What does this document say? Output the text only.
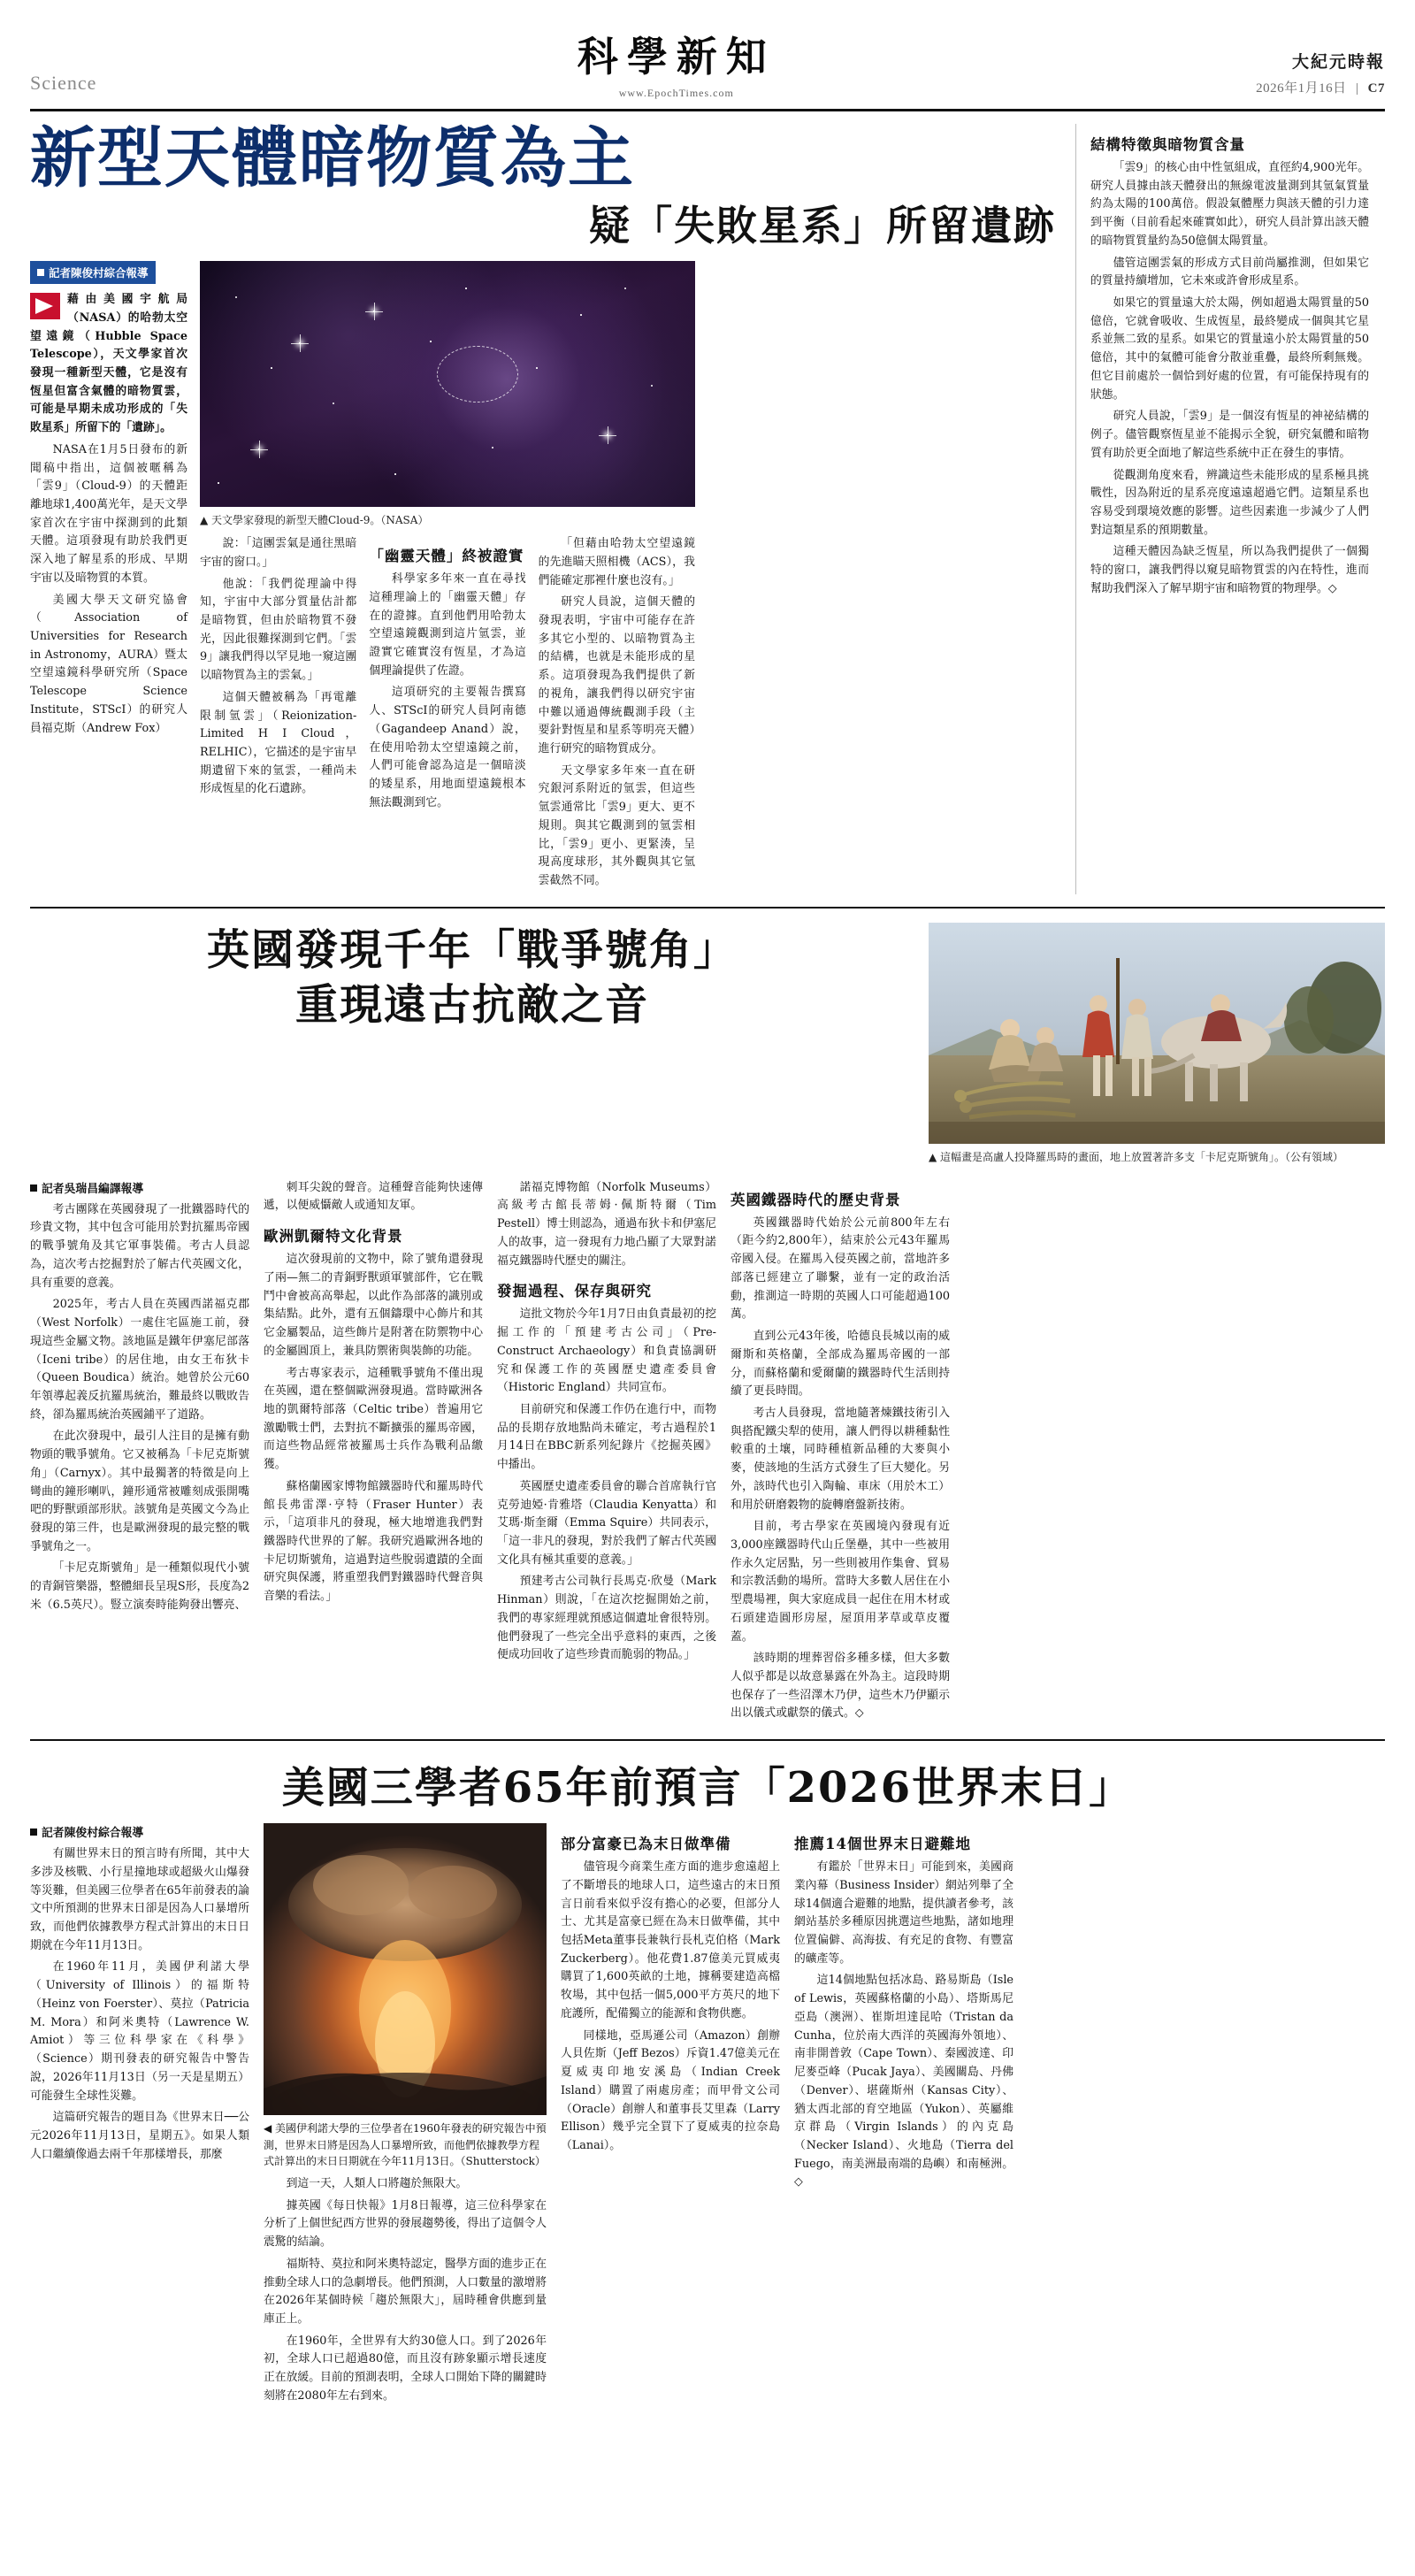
Science
科學新知
www.EpochTimes.com
大紀元時報
2026年1月16日 | C7
新型天體暗物質為主
疑「失敗星系」所留遺跡
記者陳俊村綜合報導

藉由美國宇航局（NASA）的哈勃太空望遠鏡（Hubble Space Telescope），天文學家首次發現一種新型天體，它是沒有恆星但富含氣體的暗物質雲，可能是早期未成功形成的「失敗星系」所留下的「遺跡」。

NASA在1月5日發布的新聞稿中指出，這個被暱稱為「雲9」（Cloud-9）的天體距離地球1,400萬光年，是天文學家首次在宇宙中探測到的此類天體。這項發現有助於我們更深入地了解星系的形成、早期宇宙以及暗物質的本質。

美國大學天文研究協會（Association of Universities for Research in Astronomy，AURA）暨太空望遠鏡科學研究所（Space Telescope Science Institute，STScI）的研究人員福克斯（Andrew Fox）

▲ 天文學家發現的新型天體Cloud-9。（NASA）

說：「這團雲氣是通往黑暗宇宙的窗口。」

他說：「我們從理論中得知，宇宙中大部分質量估計都是暗物質，但由於暗物質不發光，因此很難探測到它們。「雲9」讓我們得以罕見地一窺這團以暗物質為主的雲氣。」

這個天體被稱為「再電離限制氫雲」（Reionization-Limited H I Cloud，RELHIC），它描述的是宇宙早期遺留下來的氫雲，一種尚未形成恆星的化石遺跡。

「幽靈天體」終被證實

科學家多年來一直在尋找這種理論上的「幽靈天體」存在的證據。直到他們用哈勃太空望遠鏡觀測到這片氫雲，並證實它確實沒有恆星，才為這個理論提供了佐證。

這項研究的主要報告撰寫人、STScI的研究人員阿南德（Gagandeep Anand）說，在使用哈勃太空望遠鏡之前，人們可能會認為這是一個暗淡的矮星系，用地面望遠鏡根本無法觀測到它。

「但藉由哈勃太空望遠鏡的先進瞄天照相機（ACS），我們能確定那裡什麼也沒有。」

研究人員說，這個天體的發現表明，宇宙中可能存在許多其它小型的、以暗物質為主的結構，也就是未能形成的星系。這項發現為我們提供了新的視角，讓我們得以研究宇宙中難以通過傳統觀測手段（主要針對恆星和星系等明亮天體）進行研究的暗物質成分。

天文學家多年來一直在研究銀河系附近的氫雲，但這些氫雲通常比「雲9」更大、更不規則。與其它觀測到的氫雲相比，「雲9」更小、更緊湊，呈現高度球形，其外觀與其它氫雲截然不同。

結構特徵與暗物質含量

「雲9」的核心由中性氫組成，直徑約4,900光年。研究人員據由該天體發出的無線電波量測到其氫氣質量約為太陽的100萬倍。假設氣體壓力與該天體的引力達到平衡（目前看起來確實如此），研究人員計算出該天體的暗物質質量約為50億個太陽質量。

儘管這團雲氣的形成方式目前尚屬推測，但如果它的質量持續增加，它未來或許會形成星系。

如果它的質量遠大於太陽，例如超過太陽質量的50億倍，它就會吸收、生成恆星，最終變成一個與其它星系並無二致的星系。如果它的質量遠小於太陽質量的50億倍，其中的氣體可能會分散並重疊，最終所剩無幾。但它目前處於一個恰到好處的位置，有可能保持現有的狀態。

研究人員說，「雲9」是一個沒有恆星的神祕結構的例子。儘管觀察恆星並不能揭示全貌，研究氣體和暗物質有助於更全面地了解這些系統中正在發生的事情。

從觀測角度來看，辨識這些未能形成的星系極具挑戰性，因為附近的星系亮度遠遠超過它們。這類星系也容易受到環境效應的影響。這些因素進一步減少了人們對這類星系的預期數量。

這種天體因為缺乏恆星，所以為我們提供了一個獨特的窗口，讓我們得以窺見暗物質雲的內在特性，進而幫助我們深入了解早期宇宙和暗物質的物理學。◇

英國發現千年「戰爭號角」
重現遠古抗敵之音
▲ 這幅畫是高盧人投降羅馬時的畫面，地上放置著許多支「卡尼克斯號角」。（公有領域）
記者吳瑞昌編譯報導

考古團隊在英國發現了一批鐵器時代的珍貴文物，其中包含可能用於對抗羅馬帝國的戰爭號角及其它軍事裝備。考古人員認為，這次考古挖掘對於了解古代英國文化，具有重要的意義。

2025年，考古人員在英國西諾福克郡（West Norfolk）一處住宅區施工前，發現這些金屬文物。該地區是鐵年伊塞尼部落（Iceni tribe）的居住地，由女王布狄卡（Queen Boudica）統治。她曾於公元60年領導起義反抗羅馬統治，難最終以戰敗告終，卻為羅馬統治英國鋪平了道路。

在此次發現中，最引人注目的是擁有動物頭的戰爭號角。它又被稱為「卡尼克斯號角」（Carnyx）。其中最獨著的特徵是向上彎曲的鐘形喇叭，鐘形通常被雕刻成張開嘴吧的野獸頭部形狀。該號角是英國文今為止發現的第三件，也是歐洲發現的最完整的戰爭號角之一。

「卡尼克斯號角」是一種類似現代小號的青銅管樂器，整體細長呈現S形，長度為2米（6.5英尺）。豎立演奏時能夠發出響亮、

刺耳尖銳的聲音。這種聲音能夠快速傳遞，以便威懾敵人或通知友軍。

歐洲凱爾特文化背景

這次發現前的文物中，除了號角還發現了兩—無二的青銅野獸頭軍號部件，它在戰鬥中會被高高舉起，以此作為部落的識別或集結點。此外，還有五個鑄環中心飾片和其它金屬製品，這些飾片是附著在防禦物中心的金屬圓頂上，兼具防禦術與裝飾的功能。

考古專家表示，這種戰爭號角不僅出現在英國，還在整個歐洲發現過。當時歐洲各地的凱爾特部落（Celtic tribe）普遍用它激勵戰士們，去對抗不斷擴張的羅馬帝國，而這些物品經常被羅馬士兵作為戰利品繳獲。

蘇格蘭國家博物館鐵器時代和羅馬時代館長弗雷澤·亨特（Fraser Hunter）表示，「這項非凡的發現，極大地增進我們對鐵器時代世界的了解。我研究過歐洲各地的卡尼切斯號角，這過對這些脫弱遺蹟的全面研究與保護，將重塑我們對鐵器時代聲音與音樂的看法。」

諾福克博物館（Norfolk Museums）高級考古館長蒂姆·佩斯特爾（Tim Pestell）博士則認為，通過布狄卡和伊塞尼人的故事，這一發現有力地凸顯了大眾對諾福克鐵器時代歷史的關注。

發掘過程、保存與研究

這批文物於今年1月7日由負責最初的挖掘工作的「預建考古公司」（Pre-Construct Archaeology）和負責協調研究和保護工作的英國歷史遺產委員會（Historic England）共同宣布。

目前研究和保護工作仍在進行中，而物品的長期存放地點尚未確定，考古過程於1月14日在BBC新系列紀錄片《挖掘英國》中播出。

英國歷史遺產委員會的聯合首席執行官克勞迪婭·肯雅塔（Claudia Kenyatta）和艾瑪·斯奎爾（Emma Squire）共同表示，「這一非凡的發現，對於我們了解古代英國文化具有極其重要的意義。」

預建考古公司執行長馬克·欣曼（Mark Hinman）則說，「在這次挖掘開始之前，我們的專家經理就預感這個遺址會很特別。他們發現了一些完全出乎意料的東西，之後便成功回收了這些珍貴而脆弱的物品。」

英國鐵器時代的歷史背景

英國鐵器時代始於公元前800年左右（距今約2,800年），結束於公元43年羅馬帝國入侵。在羅馬入侵英國之前，當地許多部落已經建立了聯繫，並有一定的政治活動，推測這一時期的英國人口可能超過100萬。

直到公元43年後，哈德良長城以南的威爾斯和英格蘭，全部成為羅馬帝國的一部分，而蘇格蘭和愛爾蘭的鐵器時代生活則持續了更長時間。

考古人員發現，當地隨著煉鐵技術引入與搭配鐵尖犁的使用，讓人們得以耕種黏性較重的土壤，同時種植新品種的大麥與小麥，使該地的生活方式發生了巨大變化。另外，該時代也引入陶輪、車床（用於木工）和用於研磨穀物的旋轉磨盤新技術。

目前，考古學家在英國境內發現有近3,000座鐵器時代山丘堡壘，其中一些被用作永久定居點，另一些則被用作集會、貿易和宗教活動的場所。當時大多數人居住在小型農場裡，與大家庭成員一起住在用木材或石頭建造圓形房屋，屋頂用茅草或草皮覆蓋。

該時期的埋葬習俗多種多樣，但大多數人似乎都是以故意暴露在外為主。這段時期也保存了一些沼澤木乃伊，這些木乃伊顯示出以儀式或獻祭的儀式。◇

美國三學者65年前預言「2026世界末日」
記者陳俊村綜合報導

有關世界末日的預言時有所聞，其中大多涉及核戰、小行星撞地球或超級火山爆發等災難，但美國三位學者在65年前發表的論文中所預測的世界末日卻是因為人口暴增所致，而他們依據教學方程式計算出的末日日期就在今年11月13日。

在1960年11月，美國伊利諾大學（University of Illinois）的福斯特（Heinz von Foerster）、莫拉（Patricia M. Mora）和阿米奧特（Lawrence W. Amiot）等三位科學家在《科學》（Science）期刊發表的研究報告中警告說，2026年11月13日（另一天是星期五）可能發生全球性災難。

這篇研究報告的題目為《世界末日──公元2026年11月13日，星期五》。如果人類人口繼續像過去兩千年那樣增長，那麼

◀ 美國伊利諾大學的三位學者在1960年發表的研究報告中預測，世界末日將是因為人口暴增所致，而他們依據教學方程式計算出的末日日期就在今年11月13日。（Shutterstock）

到這一天，人類人口將趨於無限大。

據英國《每日快報》1月8日報導，這三位科學家在分析了上個世紀西方世界的發展趨勢後，得出了這個令人震驚的結論。

福斯特、莫拉和阿米奧特認定，醫學方面的進步正在推動全球人口的急劇增長。他們預測，人口數量的激增將在2026年某個時候「趨於無限大」，屆時種會供應到量庫正上。

在1960年，全世界有大約30億人口。到了2026年初，全球人口已超過80億，而且沒有跡象顯示增長速度正在放緩。目前的預測表明，全球人口開始下降的關鍵時刻將在2080年左右到來。

部分富豪已為末日做準備

儘管現今商業生產方面的進步愈遠超上了不斷增長的地球人口，這些遠古的末日預言日前看來似乎沒有擔心的必要，但部分人士、尤其是富豪已經在為末日做準備，其中包括Meta董事長兼執行長札克伯格（Mark Zuckerberg）。他花費1.87億美元買威夷購買了1,600英畝的土地，據稱要建造高檔牧場，其中包括一個5,000平方英尺的地下庇護所，配備獨立的能源和食物供應。

同樣地，亞馬遜公司（Amazon）創辦人貝佐斯（Jeff Bezos）斥資1.47億美元在夏威夷印地安溪島（Indian Creek Island）購置了兩處房產；而甲骨文公司（Oracle）創辦人和董事長艾里森（Larry Ellison）幾乎完全買下了夏威夷的拉奈島（Lanai）。

推薦14個世界末日避難地

有鑑於「世界末日」可能到來，美國商業內幕（Business Insider）網站列舉了全球14個適合避難的地點，提供讀者參考，該網站基於多種原因挑選這些地點，諸如地理位置偏僻、高海拔、有充足的食物、有豐富的礦產等。

這14個地點包括冰島、路易斯島（Isle of Lewis，英國蘇格蘭的小島）、塔斯馬尼亞島（澳洲）、崔斯坦達昆哈（Tristan da Cunha，位於南大西洋的英國海外領地）、南非開普敦（Cape Town）、秦國波達、印尼麥亞峰（Pucak Jaya）、美國關島、丹佛（Denver）、堪薩斯州（Kansas City）、猶太西北部的育空地區（Yukon）、英屬維京群島（Virgin Islands）的內克島（Necker Island）、火地島（Tierra del Fuego，南美洲最南端的島嶼）和南極洲。◇
